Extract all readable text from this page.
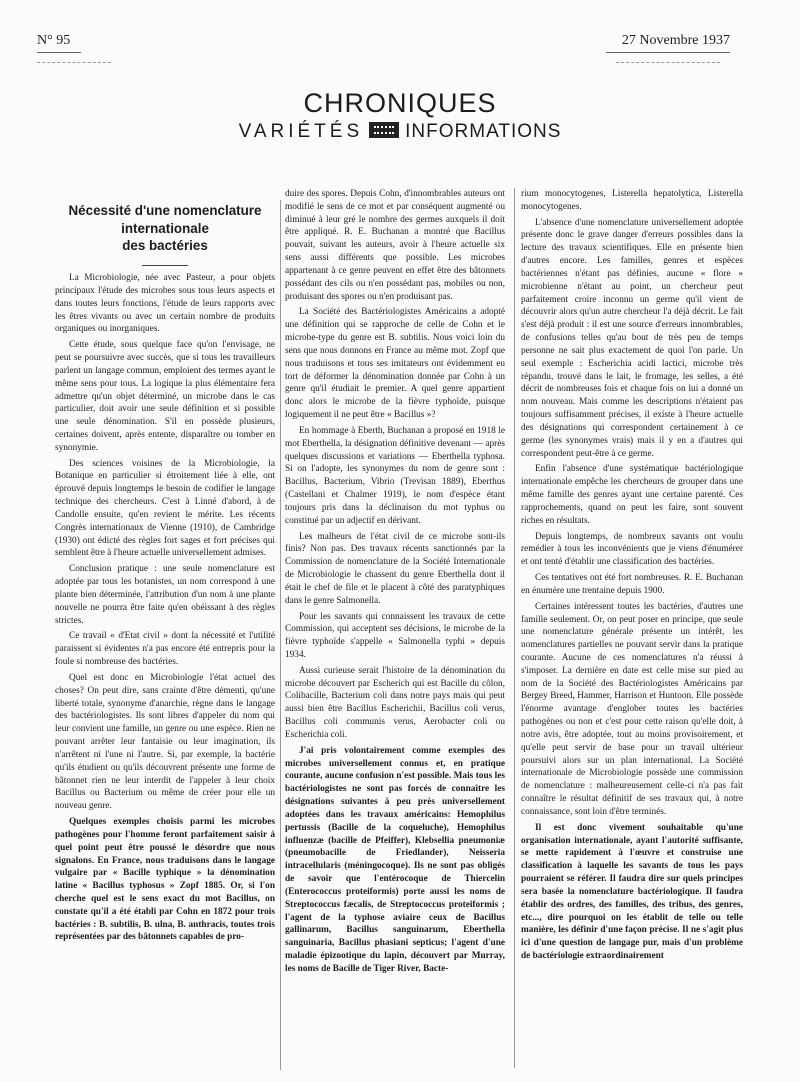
N° 95	27 Novembre 1937
CHRONIQUES
VARIÉTÉS INFORMATIONS
Nécessité d'une nomenclature
internationale
des bactéries

La Microbiologie, née avec Pasteur, a pour objets principaux l'étude des microbes sous tous leurs aspects et dans toutes leurs fonctions, l'étude de leurs rapports avec les êtres vivants ou avec un certain nombre de produits organiques ou inorganiques.

Cette étude, sous quelque face qu'on l'envisage, ne peut se poursuivre avec succès, que si tous les travailleurs parlent un langage commun, emploient des termes ayant le même sens pour tous. La logique la plus élémentaire fera admettre qu'un objet déterminé, un microbe dans le cas particulier, doit avoir une seule définition et si possible une seule dénomination. S'il en possède plusieurs, certaines doivent, après entente, disparaître ou tomber en synonymie.

Des sciences voisines de la Microbiologie, la Botanique en particulier si étroitement liée à elle, ont éprouvé depuis longtemps le besoin de codifier le langage technique des chercheurs. C'est à Linné d'abord, à de Candolle ensuite, qu'en revient le mérite. Les récents Congrès internationaux de Vienne (1910), de Cambridge (1930) ont édicté des règles fort sages et fort précises qui semblent être à l'heure actuelle universellement admises.

Conclusion pratique : une seule nomenclature est adoptée par tous les botanistes, un nom correspond à une plante bien déterminée, l'attribution d'un nom à une plante nouvelle ne pourra être faite qu'en obéissant à des règles strictes.

Ce travail « d'Etat civil » dont la nécessité et l'utilité paraissent si évidentes n'a pas encore été entrepris pour la foule si nombreuse des bactéries.

Quel est donc en Microbiologie l'état actuel des choses? On peut dire, sans crainte d'être démenti, qu'une liberté totale, synonyme d'anarchie, règne dans le langage des bactériologistes. Ils sont libres d'appeler du nom qui leur convient une famille, un genre ou une espèce. Rien ne pouvant arrêter leur fantaisie ou leur imagination, ils n'arrêtent ni l'une ni l'autre. Si, par exemple, la bactérie qu'ils étudient ou qu'ils découvrent présente une forme de bâtonnet rien ne leur interdit de l'appeler à leur choix Bacillus ou Bacterium ou même de créer pour elle un nouveau genre.

Quelques exemples choisis parmi les microbes pathogènes pour l'homme feront parfaitement saisir à quel point peut être poussé le désordre que nous signalons. En France, nous traduisons dans le langage vulgaire par « Bacille typhique » la dénomination latine « Bacillus typhosus » Zopf 1885. Or, si l'on cherche quel est le sens exact du mot Bacillus, on constate qu'il a été établi par Cohn en 1872 pour trois bactéries : B. subtilis, B. ulna, B. anthracis, toutes trois représentées par des bâtonnets capables de pro-

duire des spores. Depuis Cohn, d'innombrables auteurs ont modifié le sens de ce mot et par conséquent augmenté ou diminué à leur gré le nombre des germes auxquels il doit être appliqué. R. E. Buchanan a montré que Bacillus pouvait, suivant les auteurs, avoir à l'heure actuelle six sens aussi différents que possible. Les microbes appartenant à ce genre peuvent en effet être des bâtonnets possédant des cils ou n'en possédant pas, mobiles ou non, produisant des spores ou n'en produisant pas.

La Société des Bactériologistes Américains a adopté une définition qui se rapproche de celle de Cohn et le microbe-type du genre est B. subtilis. Nous voici loin du sens que nous donnons en France au même mot. Zopf que nous traduisons et tous ses imitateurs ont évidemment eu tort de déformer la dénomination donnée par Cohn à un genre qu'il étudiait le premier. A quel genre appartient donc alors le microbe de la fièvre typhoïde, puisque logiquement il ne peut être « Bacillus »?

En hommage à Eberth, Buchanan a proposé en 1918 le mot Eberthella, la désignation définitive devenant — après quelques discussions et variations — Eberthella typhosa. Si on l'adopte, les synonymes du nom de genre sont : Bacillus, Bacterium, Vibrio (Trevisan 1889), Eberthus (Castellani et Chalmer 1919), le nom d'espèce étant toujours pris dans la déclinaison du mot typhus ou constitué par un adjectif en dérivant.

Les malheurs de l'état civil de ce microbe sont-ils finis? Non pas. Des travaux récents sanctionnés par la Commission de nomenclature de la Société Internationale de Microbiologie le chassent du genre Eberthella dont il était le chef de file et le placent à côté des paratyphiques dans le genre Salmonella.

Pour les savants qui connaissent les travaux de cette Commission, qui acceptent ses décisions, le microbe de la fièvre typhoïde s'appelle « Salmonella typhi » depuis 1934.

Aussi curieuse serait l'histoire de la dénomination du microbe découvert par Escherich qui est Bacille du côlon, Colibacille, Bacterium coli dans notre pays mais qui peut aussi bien être Bacillus Escherichii, Bacillus coli verus, Bacillus coli communis verus, Aerobacter coli ou Escherichia coli.

J'ai pris volontairement comme exemples des microbes universellement connus et, en pratique courante, aucune confusion n'est possible. Mais tous les bactériologistes ne sont pas forcés de connaître les désignations suivantes à peu près universellement adoptées dans les travaux américains: Hemophilus pertussis (Bacille de la coqueluche), Hemophilus influenzæ (bacille de Pfeiffer), Klebsellia pneumoniæ (pneumobacille de Friedlander), Neisseria intracellularis (méningocoque). Ils ne sont pas obligés de savoir que l'entérocoque de Thiercelin (Enterococcus proteiformis) porte aussi les noms de Streptococcus fæcalis, de Streptococcus proteiformis ; l'agent de la typhose aviaire ceux de Bacillus gallinarum, Bacillus sanguinarum, Eberthella sanguinaria, Bacillus phasiani septicus; l'agent d'une maladie épizootique du lapin, découvert par Murray, les noms de Bacille de Tiger River, Bacte-

rium monocytogenes, Listerella hepatolytica, Listerella monocytogenes.

L'absence d'une nomenclature universellement adoptée présente donc le grave danger d'erreurs possibles dans la lecture des travaux scientifiques. Elle en présente bien d'autres encore. Les familles, genres et espèces bactériennes n'étant pas définies, aucune « flore » microbienne n'étant au point, un chercheur peut parfaitement croire inconnu un germe qu'il vient de découvrir alors qu'un autre chercheur l'a déjà décrit. Le fait s'est déjà produit : il est une source d'erreurs innombrables, de confusions telles qu'au bout de très peu de temps personne ne sait plus exactement de quoi l'on parle. Un seul exemple : Escherichia acidi lactici, microbe très répandu, trouvé dans le lait, le fromage, les selles, a été décrit de nombreuses fois et chaque fois on lui a donné un nom nouveau. Mais comme les descriptions n'étaient pas toujours suffisamment précises, il existe à l'heure actuelle des désignations qui correspondent certainement à ce germe (les synonymes vrais) mais il y en a d'autres qui correspondent peut-être à ce germe.

Enfin l'absence d'une systématique bactériologique internationale empêche les chercheurs de grouper dans une même famille des genres ayant une certaine parenté. Ces rapprochements, quand on peut les faire, sont souvent riches en résultats.

Depuis longtemps, de nombreux savants ont voulu remédier à tous les inconvénients que je viens d'énumérer et ont tenté d'établir une classification des bactéries.

Ces tentatives ont été fort nombreuses. R. E. Buchanan en énumère une trentaine depuis 1900.

Certaines intéressent toutes les bactéries, d'autres une famille seulement. Or, on peut poser en principe, que seule une nomenclature générale présente un intérêt, les nomenclatures partielles ne pouvant servir dans la pratique courante. Aucune de ces nomenclatures n'a réussi à s'imposer. La dernière en date est celle mise sur pied au nom de la Société des Bactériologistes Américains par Bergey Breed, Hammer, Harrison et Huntoon. Elle possède l'énorme avantage d'englober toutes les bactéries pathogènes ou non et c'est pour cette raison qu'elle doit, à notre avis, être adoptée, tout au moins provisoirement, et qu'elle peut servir de base pour un travail ultérieur poursuivi alors sur un plan international. La Société internationale de Microbiologie possède une commission de nomenclature : malheureusement celle-ci n'a pas fait connaître le résultat définitif de ses travaux qui, à notre connaissance, sont loin d'être terminés.

Il est donc vivement souhaitable qu'une organisation internationale, ayant l'autorité suffisante, se mette rapidement à l'œuvre et construise une classification à laquelle les savants de tous les pays pourraient se référer. Il faudra dire sur quels principes sera basée la nomenclature bactériologique. Il faudra établir des ordres, des familles, des tribus, des genres, etc..., dire pourquoi on les établit de telle ou telle manière, les définir d'une façon précise. Il ne s'agit plus ici d'une question de langage pur, mais d'un problème de bactériologie extraordinairement
